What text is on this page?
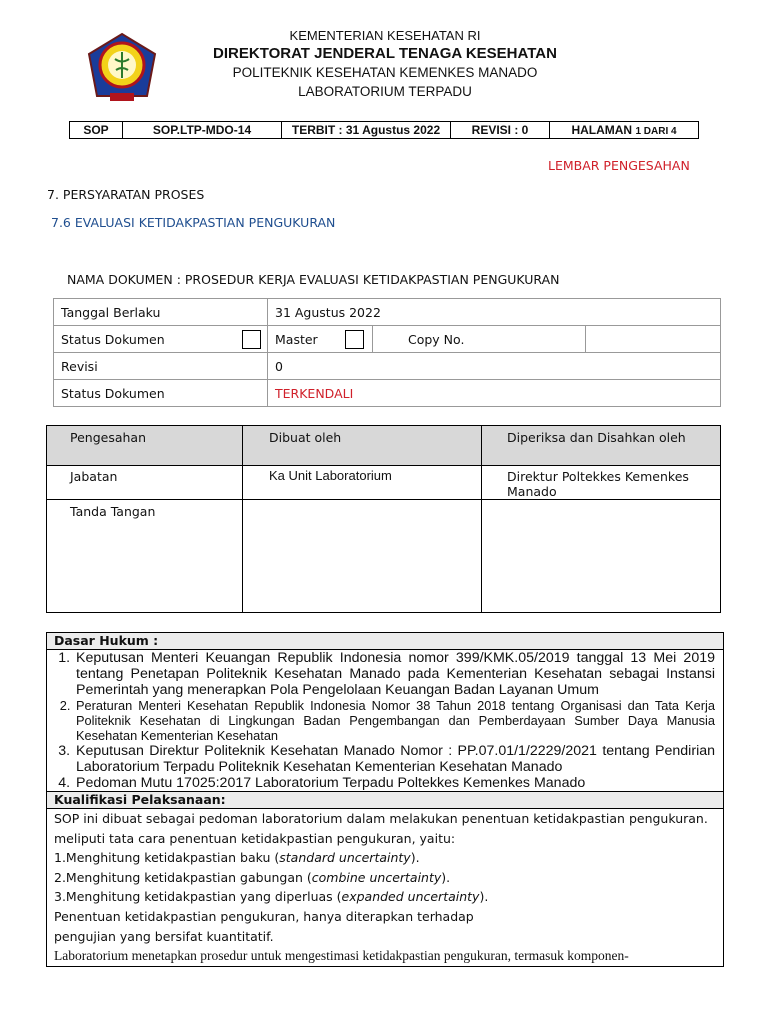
KEMENTERIAN KESEHATAN RI
DIREKTORAT JENDERAL TENAGA KESEHATAN
POLITEKNIK KESEHATAN KEMENKES MANADO
LABORATORIUM TERPADU
SOP	SOP.LTP-MDO-14	TERBIT : 31 Agustus 2022	REVISI : 0	HALAMAN 1 DARI 4
LEMBAR PENGESAHAN
7. PERSYARATAN PROSES
7.6 EVALUASI KETIDAKPASTIAN PENGUKURAN
NAMA DOKUMEN : PROSEDUR KERJA EVALUASI KETIDAKPASTIAN PENGUKURAN
Tanggal Berlaku	31 Agustus 2022		
Status Dokumen	Master	Copy No.	
Revisi	0		
Status Dokumen	TERKENDALI		
Pengesahan	Dibuat oleh	Diperiksa dan Disahkan oleh
Jabatan	Ka Unit Laboratorium	Direktur Poltekkes Kemenkes Manado
Tanda Tangan		
Dasar Hukum :
1. Keputusan Menteri Keuangan Republik Indonesia nomor 399/KMK.05/2019 tanggal 13 Mei 2019 tentang Penetapan Politeknik Kesehatan Manado pada Kementerian Kesehatan sebagai Instansi Pemerintah yang menerapkan Pola Pengelolaan Keuangan Badan Layanan Umum
2. Peraturan Menteri Kesehatan Republik Indonesia Nomor 38 Tahun 2018 tentang Organisasi dan Tata Kerja Politeknik Kesehatan di Lingkungan Badan Pengembangan dan Pemberdayaan Sumber Daya Manusia Kesehatan Kementerian Kesehatan
3. Keputusan Direktur Politeknik Kesehatan Manado Nomor : PP.07.01/1/2229/2021 tentang Pendirian Laboratorium Terpadu Politeknik Kesehatan Kementerian Kesehatan Manado
4. Pedoman Mutu 17025:2017 Laboratorium Terpadu Poltekkes Kemenkes Manado
Kualifikasi Pelaksanaan:
SOP ini dibuat sebagai pedoman laboratorium dalam melakukan penentuan ketidakpastian pengukuran.
meliputi tata cara penentuan ketidakpastian pengukuran, yaitu:
1.Menghitung ketidakpastian baku (standard uncertainty).
2.Menghitung ketidakpastian gabungan (combine uncertainty).
3.Menghitung ketidakpastian yang diperluas (expanded uncertainty).
Penentuan ketidakpastian pengukuran, hanya diterapkan terhadap
pengujian yang bersifat kuantitatif.
Laboratorium menetapkan prosedur untuk mengestimasi ketidakpastian pengukuran, termasuk komponen-
